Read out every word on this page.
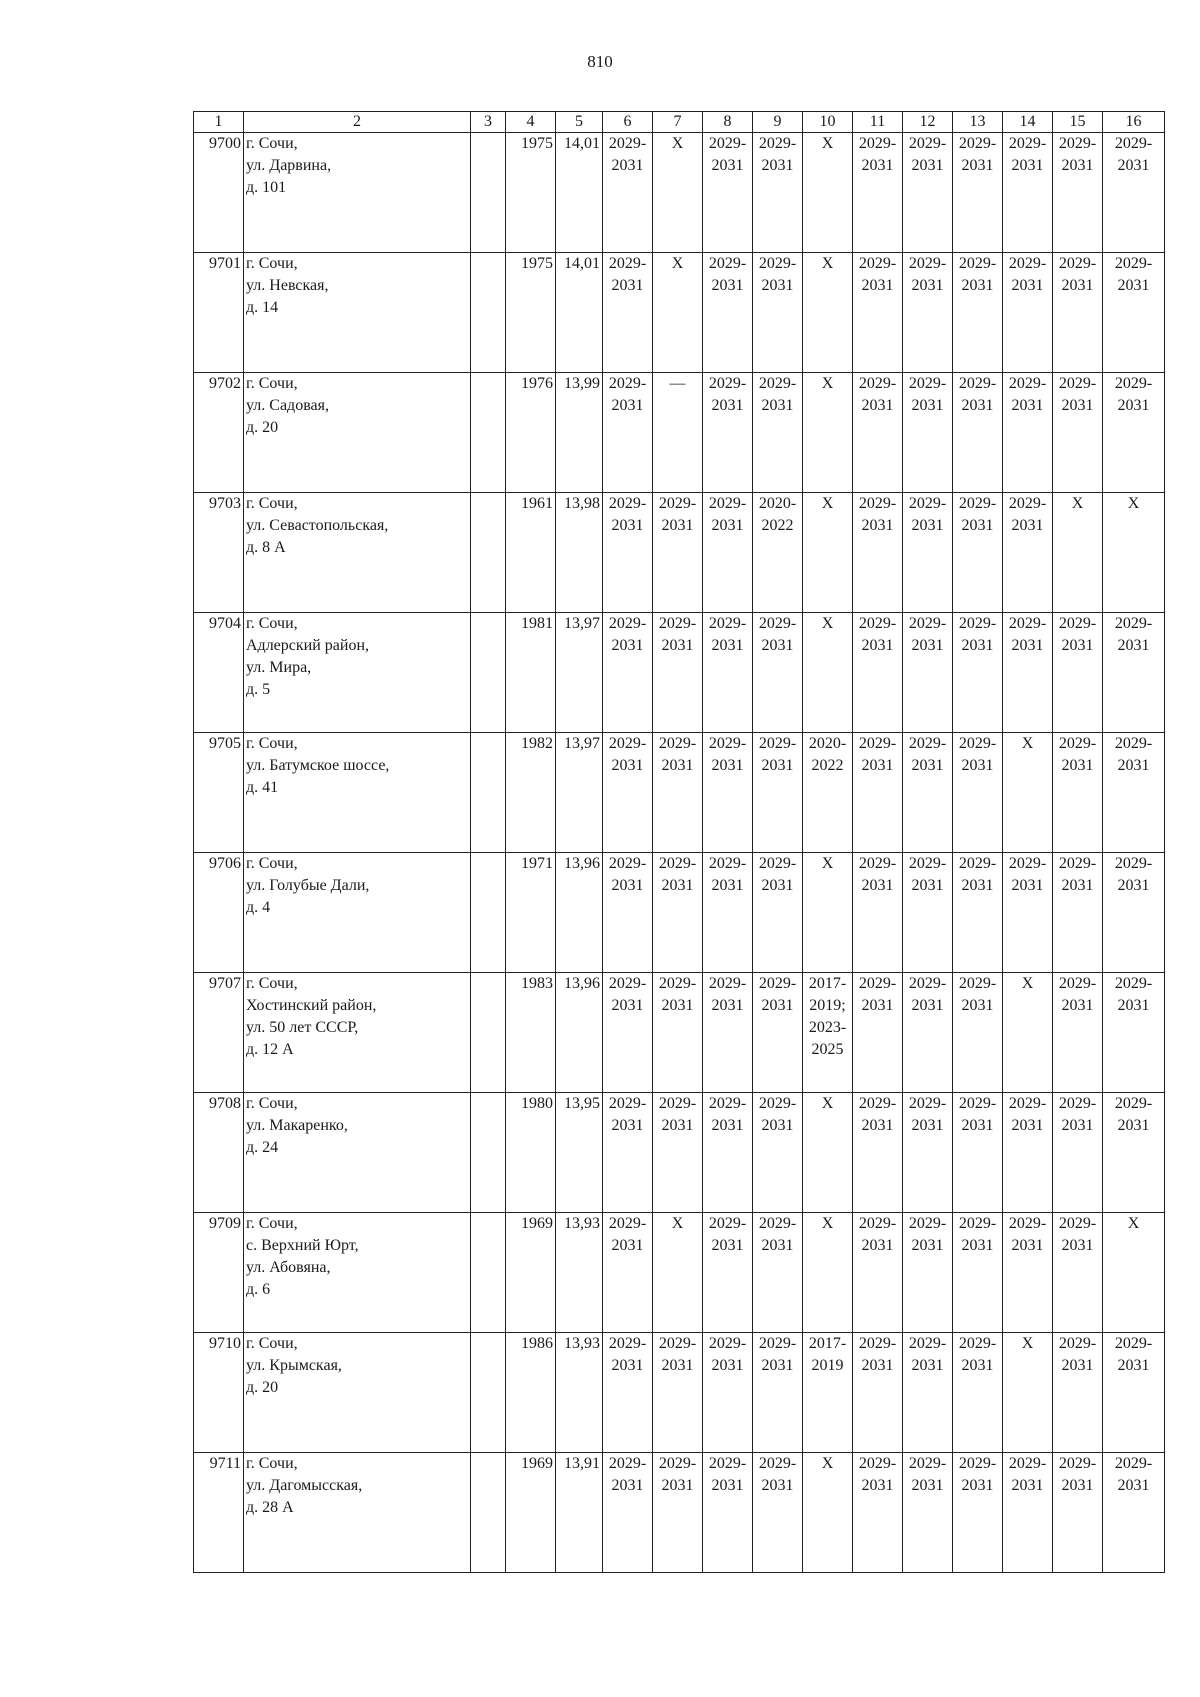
810
1	2	3	4	5	6	7	8	9	10	11	12	13	14	15	16
9700	г. Сочи,
ул. Дарвина,
д. 101		1975	14,01	2029-
2031	Х	2029-
2031	2029-
2031	Х	2029-
2031	2029-
2031	2029-
2031	2029-
2031	2029-
2031	2029-
2031
9701	г. Сочи,
ул. Невская,
д. 14		1975	14,01	2029-
2031	Х	2029-
2031	2029-
2031	Х	2029-
2031	2029-
2031	2029-
2031	2029-
2031	2029-
2031	2029-
2031
9702	г. Сочи,
ул. Садовая,
д. 20		1976	13,99	2029-
2031	—	2029-
2031	2029-
2031	Х	2029-
2031	2029-
2031	2029-
2031	2029-
2031	2029-
2031	2029-
2031
9703	г. Сочи,
ул. Севастопольская,
д. 8 А		1961	13,98	2029-
2031	2029-
2031	2029-
2031	2020-
2022	Х	2029-
2031	2029-
2031	2029-
2031	2029-
2031	Х	Х
9704	г. Сочи,
Адлерский район,
ул. Мира,
д. 5		1981	13,97	2029-
2031	2029-
2031	2029-
2031	2029-
2031	Х	2029-
2031	2029-
2031	2029-
2031	2029-
2031	2029-
2031	2029-
2031
9705	г. Сочи,
ул. Батумское шоссе,
д. 41		1982	13,97	2029-
2031	2029-
2031	2029-
2031	2029-
2031	2020-
2022	2029-
2031	2029-
2031	2029-
2031	Х	2029-
2031	2029-
2031
9706	г. Сочи,
ул. Голубые Дали,
д. 4		1971	13,96	2029-
2031	2029-
2031	2029-
2031	2029-
2031	Х	2029-
2031	2029-
2031	2029-
2031	2029-
2031	2029-
2031	2029-
2031
9707	г. Сочи,
Хостинский район,
ул. 50 лет СССР,
д. 12 А		1983	13,96	2029-
2031	2029-
2031	2029-
2031	2029-
2031	2017-
2019;
2023-
2025	2029-
2031	2029-
2031	2029-
2031	Х	2029-
2031	2029-
2031
9708	г. Сочи,
ул. Макаренко,
д. 24		1980	13,95	2029-
2031	2029-
2031	2029-
2031	2029-
2031	Х	2029-
2031	2029-
2031	2029-
2031	2029-
2031	2029-
2031	2029-
2031
9709	г. Сочи,
с. Верхний Юрт,
ул. Абовяна,
д. 6		1969	13,93	2029-
2031	Х	2029-
2031	2029-
2031	Х	2029-
2031	2029-
2031	2029-
2031	2029-
2031	2029-
2031	Х
9710	г. Сочи,
ул. Крымская,
д. 20		1986	13,93	2029-
2031	2029-
2031	2029-
2031	2029-
2031	2017-
2019	2029-
2031	2029-
2031	2029-
2031	Х	2029-
2031	2029-
2031
9711	г. Сочи,
ул. Дагомысская,
д. 28 А		1969	13,91	2029-
2031	2029-
2031	2029-
2031	2029-
2031	Х	2029-
2031	2029-
2031	2029-
2031	2029-
2031	2029-
2031	2029-
2031
